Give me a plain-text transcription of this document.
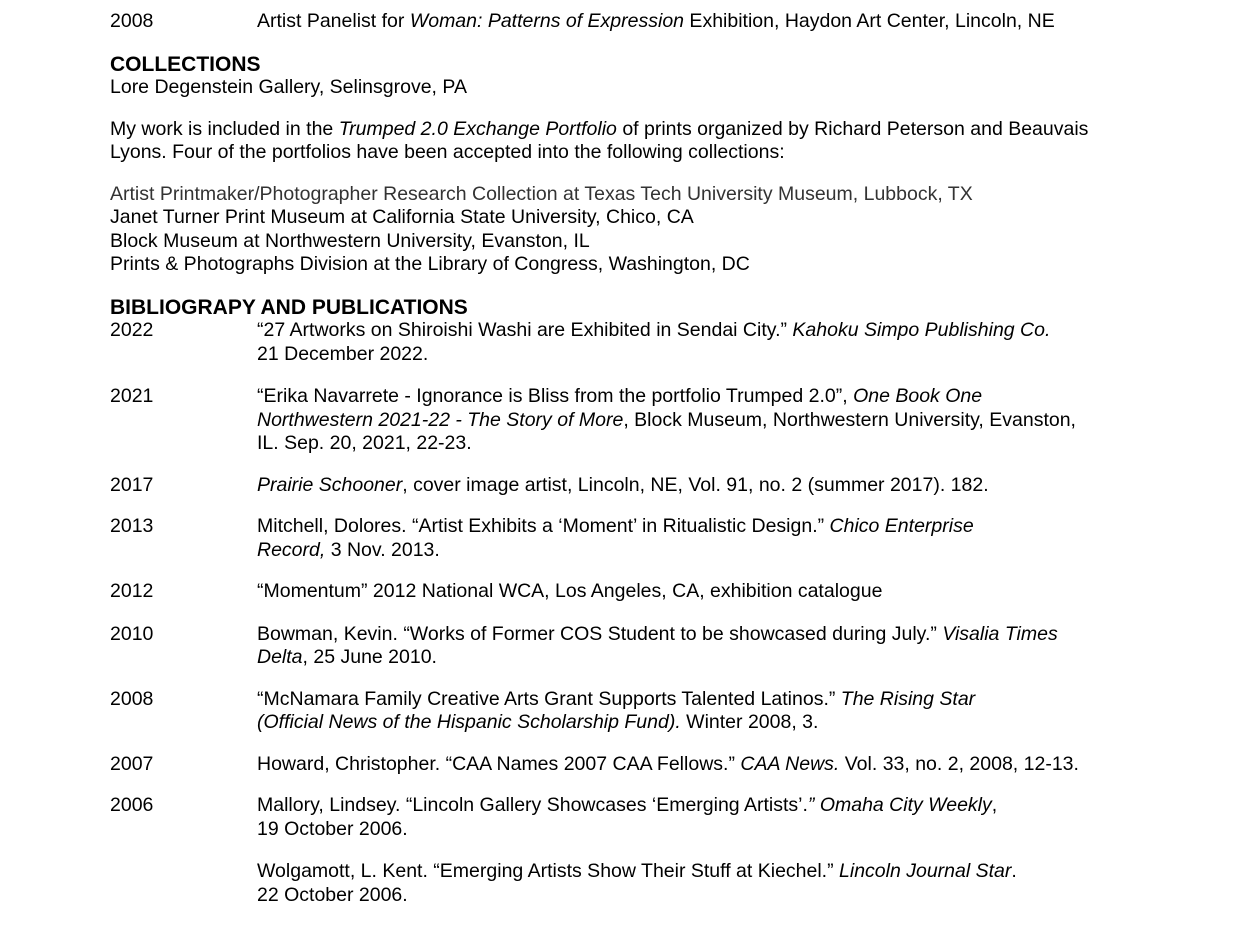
2008	Artist Panelist for Woman: Patterns of Expression Exhibition, Haydon Art Center, Lincoln, NE
COLLECTIONS
Lore Degenstein Gallery, Selinsgrove, PA
My work is included in the Trumped 2.0 Exchange Portfolio of prints organized by Richard Peterson and Beauvais
Lyons. Four of the portfolios have been accepted into the following collections:
Artist Printmaker/Photographer Research Collection at Texas Tech University Museum, Lubbock, TX
Janet Turner Print Museum at California State University, Chico, CA
Block Museum at Northwestern University, Evanston, IL
Prints & Photographs Division at the Library of Congress, Washington, DC
BIBLIOGRAPY AND PUBLICATIONS
2022	“27 Artworks on Shiroishi Washi are Exhibited in Sendai City.” Kahoku Simpo Publishing Co.
21 December 2022.
2021	“Erika Navarrete - Ignorance is Bliss from the portfolio Trumped 2.0”, One Book One
Northwestern 2021-22 - The Story of More, Block Museum, Northwestern University, Evanston,
IL. Sep. 20, 2021, 22-23.
2017	Prairie Schooner, cover image artist, Lincoln, NE, Vol. 91, no. 2 (summer 2017). 182.
2013	Mitchell, Dolores. “Artist Exhibits a ‘Moment’ in Ritualistic Design.” Chico Enterprise
Record, 3 Nov. 2013.
2012	“Momentum” 2012 National WCA, Los Angeles, CA, exhibition catalogue
2010	Bowman, Kevin. “Works of Former COS Student to be showcased during July.” Visalia Times
Delta, 25 June 2010.
2008	“McNamara Family Creative Arts Grant Supports Talented Latinos.” The Rising Star
(Official News of the Hispanic Scholarship Fund). Winter 2008, 3.
2007	Howard, Christopher. “CAA Names 2007 CAA Fellows.” CAA News. Vol. 33, no. 2, 2008, 12-13.
2006	Mallory, Lindsey. “Lincoln Gallery Showcases ‘Emerging Artists’.” Omaha City Weekly,
19 October 2006.
Wolgamott, L. Kent. “Emerging Artists Show Their Stuff at Kiechel.” Lincoln Journal Star.
22 October 2006.
